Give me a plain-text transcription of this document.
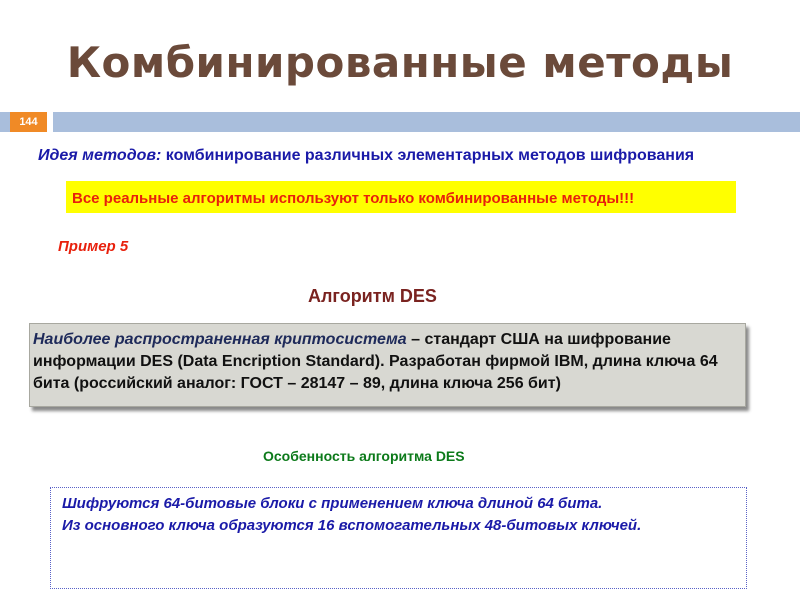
Комбинированные методы
144
Идея методов: комбинирование различных элементарных методов шифрования
Все реальные алгоритмы используют только комбинированные методы!!!
Пример 5
Алгоритм DES
Наиболее распространенная криптосистема – стандарт США на шифрование информации DES (Data Encription Standard). Разработан фирмой IBM, длина ключа 64 бита (российский аналог: ГОСТ – 28147 – 89, длина ключа 256 бит)
Особенность алгоритма DES
Шифруются 64-битовые блоки с применением ключа длиной 64 бита.
Из основного ключа образуются 16 вспомогательных 48-битовых ключей.
